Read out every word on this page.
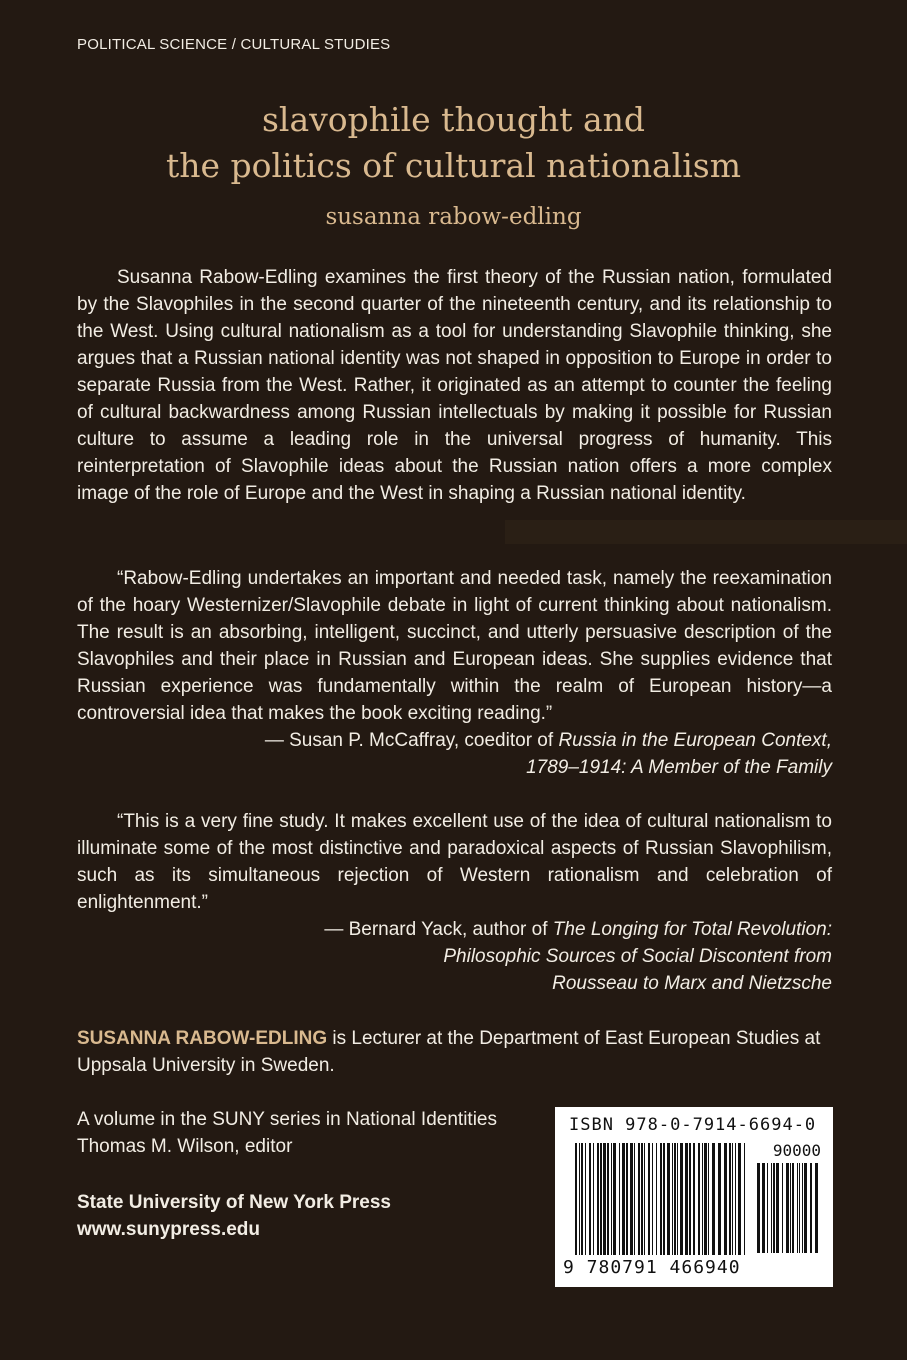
POLITICAL SCIENCE / CULTURAL STUDIES
slavophile thought and
the politics of cultural nationalism
susanna rabow-edling

Susanna Rabow-Edling examines the first theory of the Russian nation, formulated by the Slavophiles in the second quarter of the nineteenth century, and its relationship to the West. Using cultural nationalism as a tool for understanding Slavophile thinking, she argues that a Russian national identity was not shaped in opposition to Europe in order to separate Russia from the West. Rather, it originated as an attempt to counter the feeling of cultural backwardness among Russian intellectuals by making it possible for Russian culture to assume a leading role in the universal progress of humanity. This reinterpretation of Slavophile ideas about the Russian nation offers a more complex image of the role of Europe and the West in shaping a Russian national identity.

“Rabow-Edling undertakes an important and needed task, namely the reexamination of the hoary Westernizer/Slavophile debate in light of current thinking about nationalism. The result is an absorbing, intelligent, succinct, and utterly persuasive description of the Slavophiles and their place in Russian and European ideas. She supplies evidence that Russian experience was fundamentally within the realm of European history—a controversial idea that makes the book exciting reading.”

— Susan P. McCaffray, coeditor of Russia in the European Context,
1789–1914: A Member of the Family

“This is a very fine study. It makes excellent use of the idea of cultural nationalism to illuminate some of the most distinctive and paradoxical aspects of Russian Slavophilism, such as its simultaneous rejection of Western rationalism and celebration of enlightenment.”

— Bernard Yack, author of The Longing for Total Revolution:
Philosophic Sources of Social Discontent from
Rousseau to Marx and Nietzsche

SUSANNA RABOW-EDLING is Lecturer at the Department of East European Studies at Uppsala University in Sweden.

A volume in the SUNY series in National Identities
Thomas M. Wilson, editor
State University of New York Press
www.sunypress.edu
ISBN 978-0-7914-6694-0
90000
9 780791 466940
